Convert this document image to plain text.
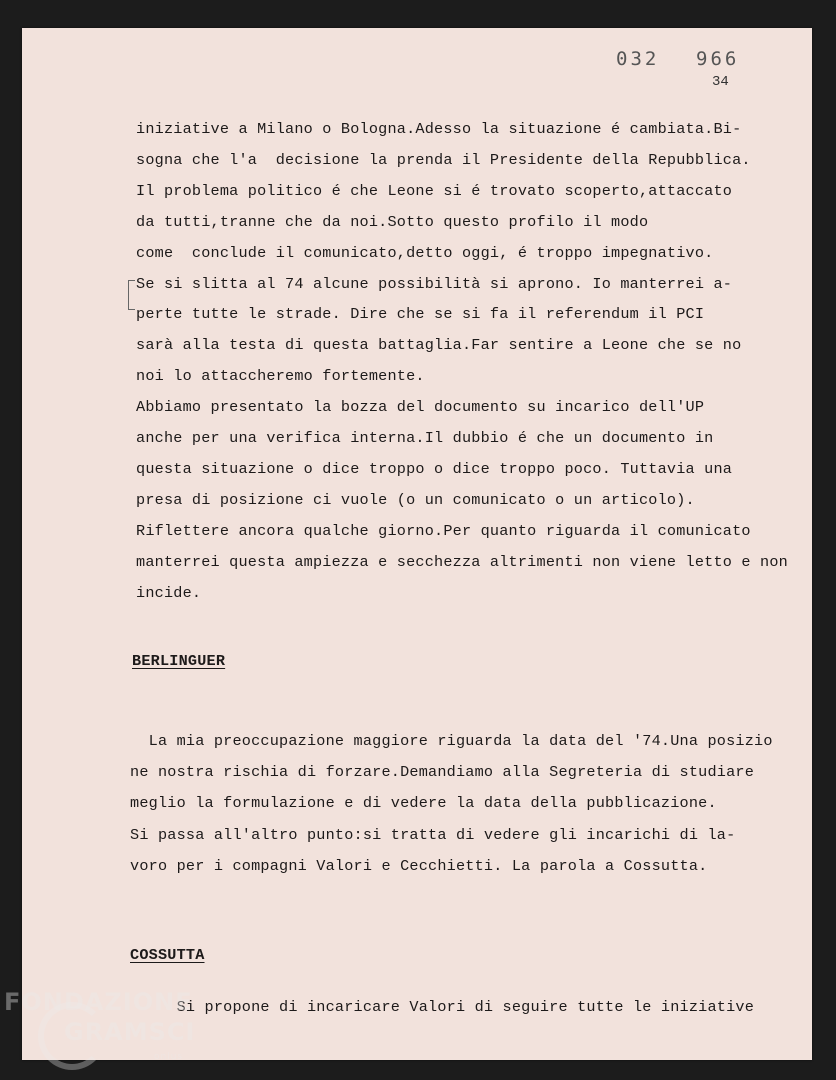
032 966
34
iniziative a Milano o Bologna.Adesso la situazione é cambiata.Bi-
sogna che l'a  decisione la prenda il Presidente della Repubblica.
Il problema politico é che Leone si é trovato scoperto,attaccato
da tutti,tranne che da noi.Sotto questo profilo il modo
come  conclude il comunicato,detto oggi, é troppo impegnativo.
Se si slitta al 74 alcune possibilità si aprono. Io manterrei a-
perte tutte le strade. Dire che se si fa il referendum il PCI
sarà alla testa di questa battaglia.Far sentire a Leone che se no
noi lo attaccheremo fortemente.
Abbiamo presentato la bozza del documento su incarico dell'UP
anche per una verifica interna.Il dubbio é che un documento in
questa situazione o dice troppo o dice troppo poco. Tuttavia una
presa di posizione ci vuole (o un comunicato o un articolo).
Riflettere ancora qualche giorno.Per quanto riguarda il comunicato
manterrei questa ampiezza e secchezza altrimenti non viene letto e non
incide.
BERLINGUER
La mia preoccupazione maggiore riguarda la data del '74.Una posizio
ne nostra rischia di forzare.Demandiamo alla Segreteria di studiare
meglio la formulazione e di vedere la data della pubblicazione.
Si passa all'altro punto:si tratta di vedere gli incarichi di la-
voro per i compagni Valori e Cecchietti. La parola a Cossutta.
COSSUTTA
Si propone di incaricare Valori di seguire tutte le iniziative
FONDAZIONE
GRAMSCI
onlus
